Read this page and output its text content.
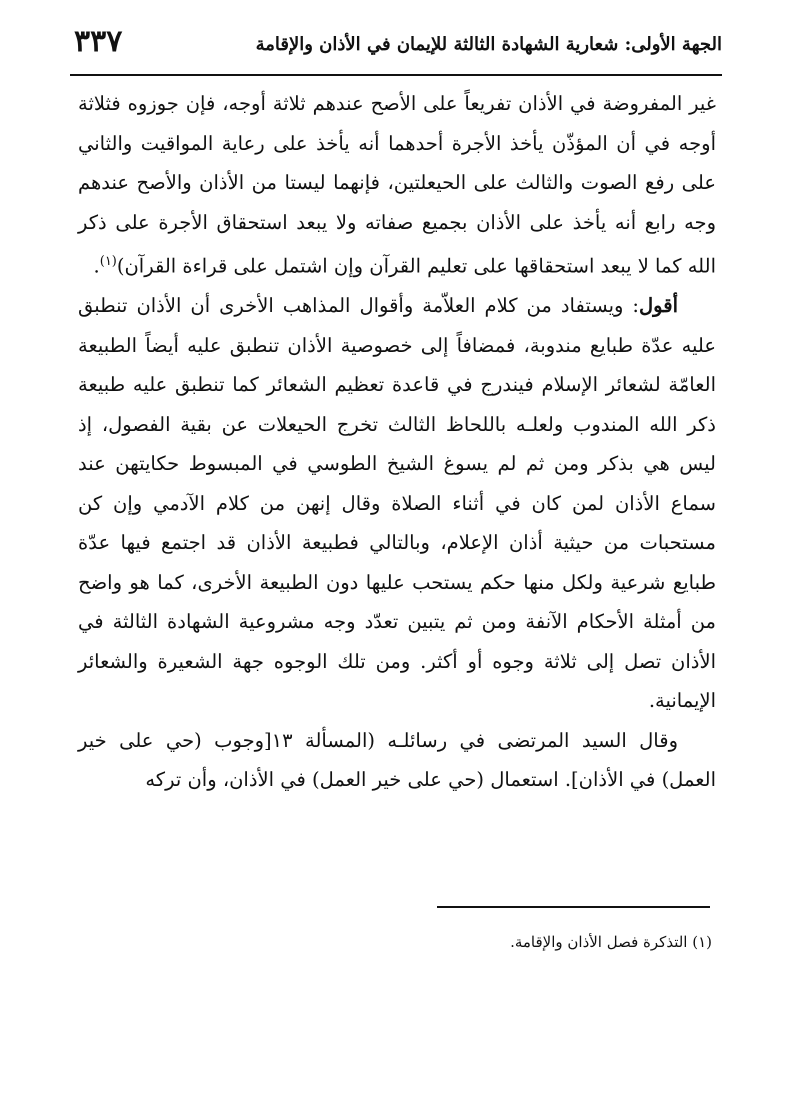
الجهة الأولى: شعارية الشهادة الثالثة للإيمان في الأذان والإقامة
٣٣٧

غير المفروضة في الأذان تفريعاً على الأصح عندهم ثلاثة أوجه، فإن جوزوه فثلاثة أوجه في أن المؤذّن يأخذ الأجرة أحدهما أنه يأخذ على رعاية المواقيت والثاني على رفع الصوت والثالث على الحيعلتين، فإنهما ليستا من الأذان والأصح عندهم وجه رابع أنه يأخذ على الأذان بجميع صفاته ولا يبعد استحقاق الأجرة على ذكر الله كما لا يبعد استحقاقها على تعليم القرآن وإن اشتمل على قراءة القرآن)$^{(١)}$.

أقول: ويستفاد من كلام العلاّمة وأقوال المذاهب الأخرى أن الأذان تنطبق عليه عدّة طبايع مندوبة، فمضافاً إلى خصوصية الأذان تنطبق عليه أيضاً الطبيعة العامّة لشعائر الإسلام فيندرج في قاعدة تعظيم الشعائر كما تنطبق عليه طبيعة ذكر الله المندوب ولعلـه باللحاظ الثالث تخرج الحيعلات عن بقية الفصول، إذ ليس هي بذكر ومن ثم لم يسوغ الشيخ الطوسي في المبسوط حكايتهن عند سماع الأذان لمن كان في أثناء الصلاة وقال إنهن من كلام الآدمي وإن كن مستحبات من حيثية أذان الإعلام، وبالتالي فطبيعة الأذان قد اجتمع فيها عدّة طبايع شرعية ولكل منها حكم يستحب عليها دون الطبيعة الأخرى، كما هو واضح من أمثلة الأحكام الآنفة ومن ثم يتبين تعدّد وجه مشروعية الشهادة الثالثة في الأذان تصل إلى ثلاثة وجوه أو أكثر. ومن تلك الوجوه جهة الشعيرة والشعائر الإيمانية.

وقال السيد المرتضى في رسائلـه (المسألة ١٣[وجوب (حي على خير العمل) في الأذان]. استعمال (حي على خير العمل) في الأذان، وأن تركه

(١) التذكرة فصل الأذان والإقامة.
